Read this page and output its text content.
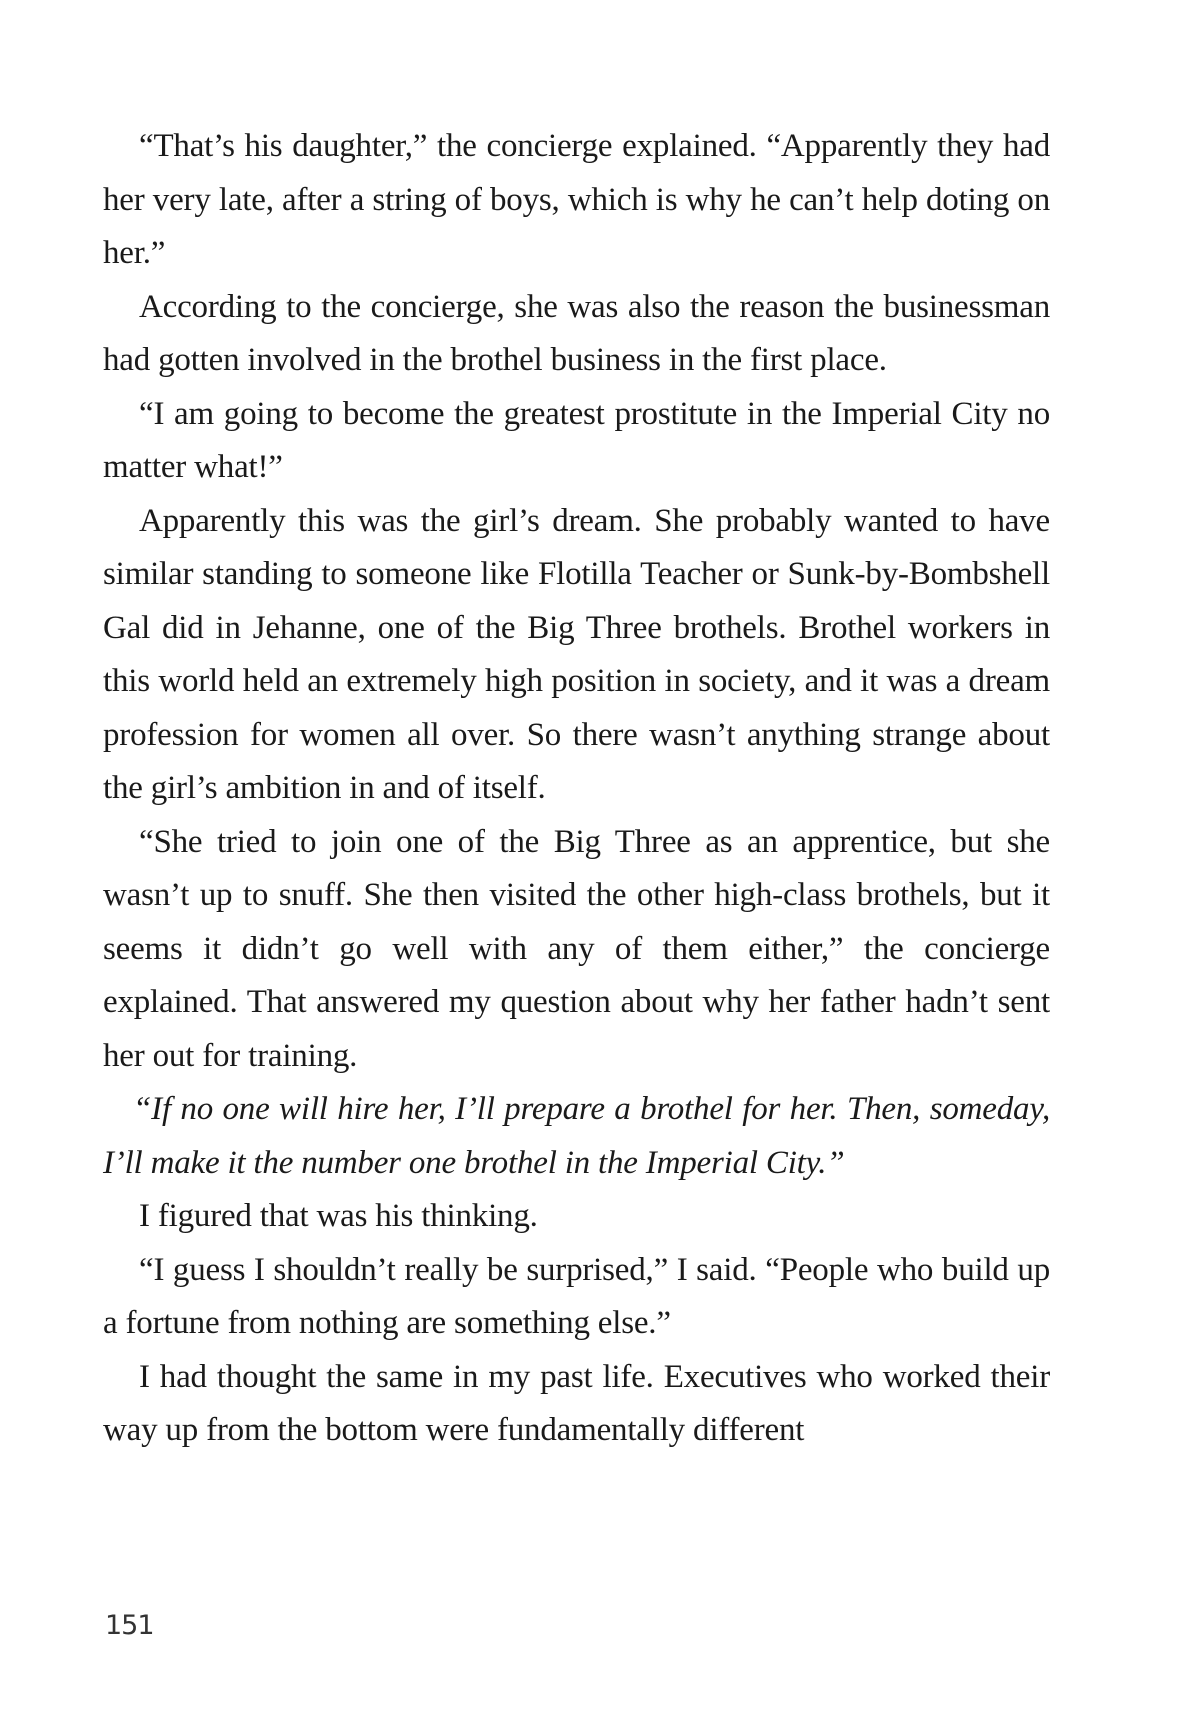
“That’s his daughter,” the concierge explained. “Apparently they had her very late, after a string of boys, which is why he can’t help doting on her.”

According to the concierge, she was also the reason the businessman had gotten involved in the brothel business in the first place.

“I am going to become the greatest prostitute in the Imperial City no matter what!”

Apparently this was the girl’s dream. She probably wanted to have similar standing to someone like Flotilla Teacher or Sunk-by-Bombshell Gal did in Jehanne, one of the Big Three brothels. Brothel workers in this world held an extremely high position in society, and it was a dream profession for women all over. So there wasn’t anything strange about the girl’s ambition in and of itself.

“She tried to join one of the Big Three as an apprentice, but she wasn’t up to snuff. She then visited the other high-class brothels, but it seems it didn’t go well with any of them either,” the concierge explained. That answered my question about why her father hadn’t sent her out for training.

“If no one will hire her, I’ll prepare a brothel for her. Then, someday, I’ll make it the number one brothel in the Imperial City.”

I figured that was his thinking.

“I guess I shouldn’t really be surprised,” I said. “People who build up a fortune from nothing are something else.”

I had thought the same in my past life. Executives who worked their way up from the bottom were fundamentally different

151
